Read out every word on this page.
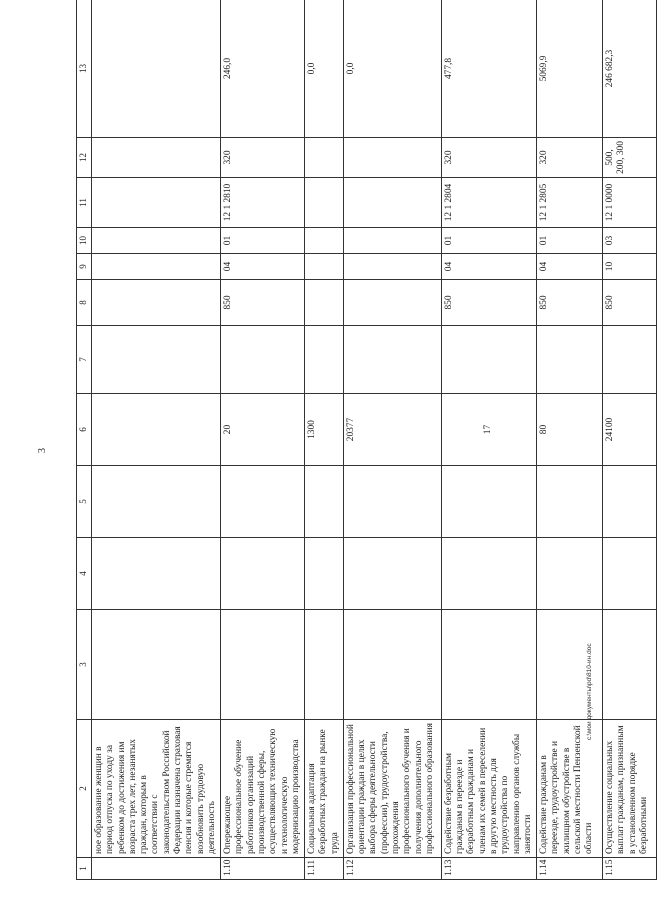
3
1	2	3	4	5	6	7	8	9	10	11	12	13
	ное образование женщин в период отпуска по уходу за ребенком до достижения им возраста трех лет, незанятых граждан, которым в соответствии с законодательством Российской Федерации назначена страховая пенсия и которые стремятся возобновить трудовую деятельность											
1.10	Опережающее профессиональное обучение работников организаций производственной сферы, осуществляющих техническую и технологическую модернизацию производства				20		850	04	01	12 1 2810	320	246,0
1.11	Социальная адаптация безработных граждан на рынке труда				1300							0,0
1.12	Организация профессиональной ориентации граждан в целях выбора сферы деятельности (профессии), трудоустройства, прохождения профессионального обучения и получения дополнительного профессионального образования				20377							0,0
1.13	Содействие безработным гражданам в переезде и безработным гражданам и членам их семей в переселении в другую местность для трудоустройства по направлению органов службы занятости				17		850	04	01	12 1 2804	320	477,8
1.14	Содействие гражданам в переезде, трудоустройстве и жилищном обустройстве в сельской местности Пензенской области				80		850	04	01	12 1 2805	320	5069,9
1.15	Осуществление социальных выплат гражданам, признанным в установленном порядке безработными				24100		850	10	03	12 1 0000	500, 200, 300	246 682,3
c:\мои документы\pd\810-ин.doc
